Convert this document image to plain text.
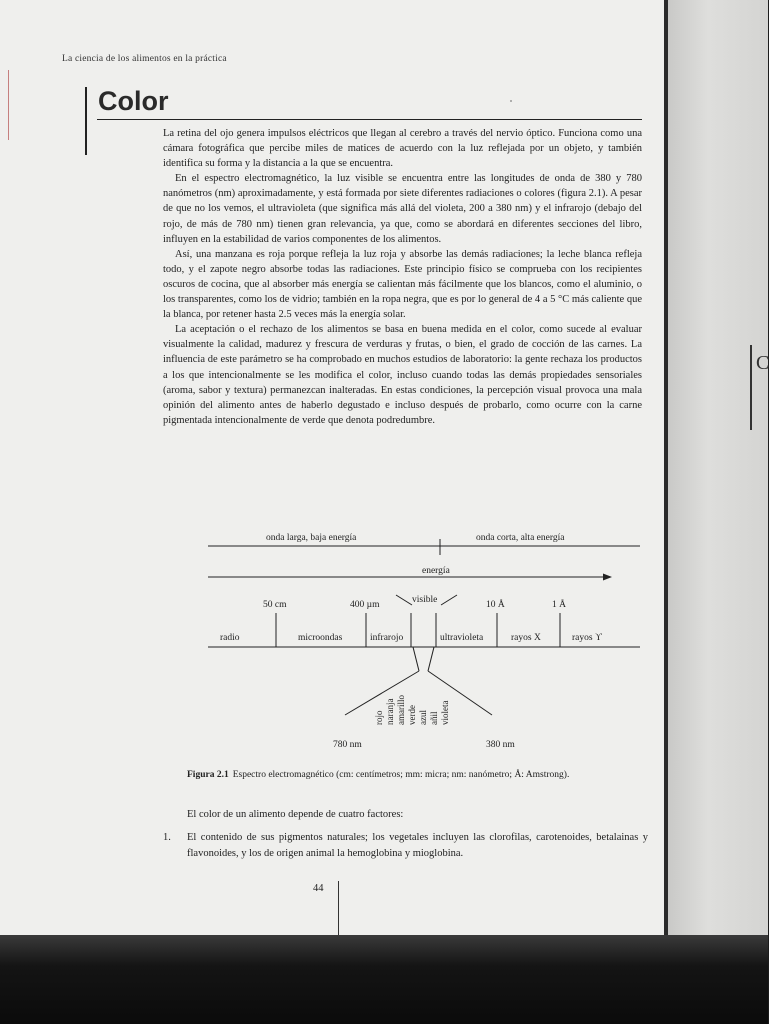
La ciencia de los alimentos en la práctica
Color

La retina del ojo genera impulsos eléctricos que llegan al cerebro a través del nervio óptico. Funciona como una cámara fotográfica que percibe miles de matices de acuerdo con la luz reflejada por un objeto, y también identifica su forma y la distancia a la que se encuentra.

En el espectro electromagnético, la luz visible se encuentra entre las longitudes de onda de 380 y 780 nanómetros (nm) aproximadamente, y está formada por siete diferentes radiaciones o colores (figura 2.1). A pesar de que no los vemos, el ultravioleta (que significa más allá del violeta, 200 a 380 nm) y el infrarojo (debajo del rojo, de más de 780 nm) tienen gran relevancia, ya que, como se abordará en diferentes secciones del libro, influyen en la estabilidad de varios componentes de los alimentos.

Así, una manzana es roja porque refleja la luz roja y absorbe las demás radiaciones; la leche blanca refleja todo, y el zapote negro absorbe todas las radiaciones. Este principio físico se comprueba con los recipientes oscuros de cocina, que al absorber más energía se calientan más fácilmente que los blancos, como el aluminio, o los transparentes, como los de vidrio; también en la ropa negra, que es por lo general de 4 a 5 °C más caliente que la blanca, por retener hasta 2.5 veces más la energía solar.

La aceptación o el rechazo de los alimentos se basa en buena medida en el color, como sucede al evaluar visualmente la calidad, madurez y frescura de verduras y frutas, o bien, el grado de cocción de las carnes. La influencia de este parámetro se ha comprobado en muchos estudios de laboratorio: la gente rechaza los productos a los que intencionalmente se les modifica el color, incluso cuando todas las demás propiedades sensoriales (aroma, sabor y textura) permanezcan inalteradas. En estas condiciones, la percepción visual provoca una mala opinión del alimento antes de haberlo degustado e incluso después de probarlo, como ocurre con la carne pigmentada intencionalmente de verde que denota podredumbre.

onda larga, baja energía	onda corta, alta energía
energía
50 cm	400 µm	visible	10 Å	1 Å
radio	microondas	infrarojo	ultravioleta	rayos X	rayos ϒ
rojo naranja amarillo verde azul añil violeta
780 nm	380 nm
Figura 2.1 Espectro electromagnético (cm: centímetros; mm: micra; nm: nanómetro; Å: Amstrong).
El color de un alimento depende de cuatro factores:
1. El contenido de sus pigmentos naturales; los vegetales incluyen las clorofilas, carotenoides, betalainas y flavonoides, y los de origen animal la hemoglobina y mioglobina.
44
C
